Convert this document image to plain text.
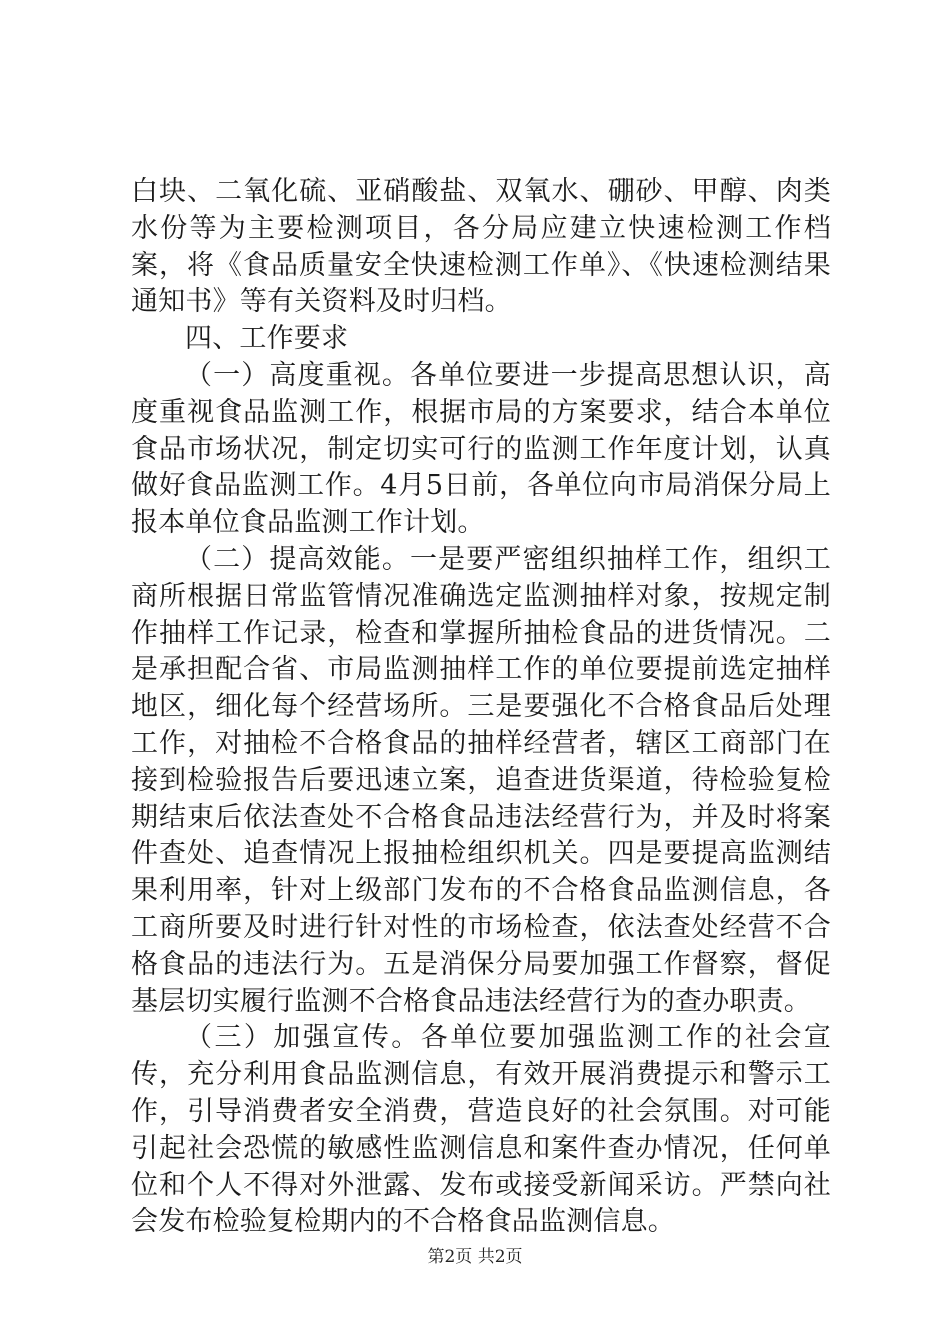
白块、二氧化硫、亚硝酸盐、双氧水、硼砂、甲醇、肉类水份等为主要检测项目，各分局应建立快速检测工作档案，将《食品质量安全快速检测工作单》、《快速检测结果通知书》等有关资料及时归档。

四、工作要求

（一）高度重视。各单位要进一步提高思想认识，高度重视食品监测工作，根据市局的方案要求，结合本单位食品市场状况，制定切实可行的监测工作年度计划，认真做好食品监测工作。4月5日前，各单位向市局消保分局上报本单位食品监测工作计划。

（二）提高效能。一是要严密组织抽样工作，组织工商所根据日常监管情况准确选定监测抽样对象，按规定制作抽样工作记录，检查和掌握所抽检食品的进货情况。二是承担配合省、市局监测抽样工作的单位要提前选定抽样地区，细化每个经营场所。三是要强化不合格食品后处理工作，对抽检不合格食品的抽样经营者，辖区工商部门在接到检验报告后要迅速立案，追查进货渠道，待检验复检期结束后依法查处不合格食品违法经营行为，并及时将案件查处、追查情况上报抽检组织机关。四是要提高监测结果利用率，针对上级部门发布的不合格食品监测信息，各工商所要及时进行针对性的市场检查，依法查处经营不合格食品的违法行为。五是消保分局要加强工作督察，督促基层切实履行监测不合格食品违法经营行为的查办职责。

（三）加强宣传。各单位要加强监测工作的社会宣传，充分利用食品监测信息，有效开展消费提示和警示工作，引导消费者安全消费，营造良好的社会氛围。对可能引起社会恐慌的敏感性监测信息和案件查办情况，任何单位和个人不得对外泄露、发布或接受新闻采访。严禁向社会发布检验复检期内的不合格食品监测信息。

第2页 共2页
